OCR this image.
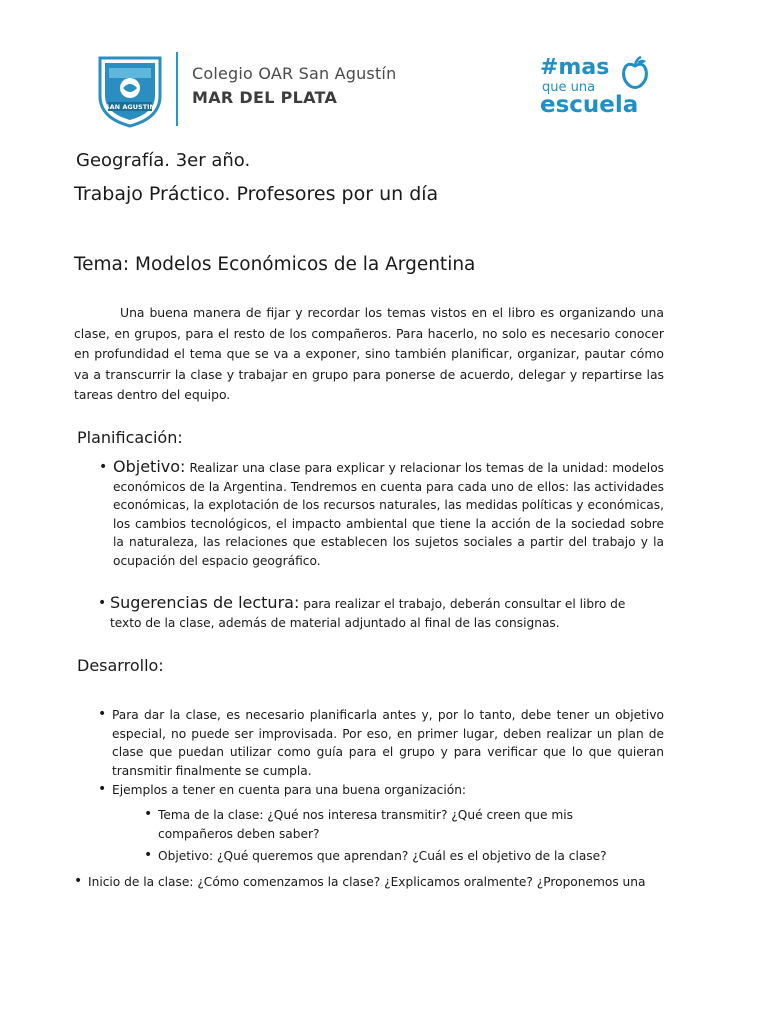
SAN AGUSTIN
Colegio OAR San Agustín
MAR DEL PLATA
#mas
que una
escuela
Geografía. 3er año.
Trabajo Práctico. Profesores por un día
Tema: Modelos Económicos de la Argentina
Una buena manera de fijar y recordar los temas vistos en el libro es organizando una clase, en grupos, para el resto de los compañeros. Para hacerlo, no solo es necesario conocer en profundidad el tema que se va a exponer, sino también planificar, organizar, pautar cómo va a transcurrir la clase y trabajar en grupo para ponerse de acuerdo, delegar y repartirse las tareas dentro del equipo.
Planificación:
• Objetivo: Realizar una clase para explicar y relacionar los temas de la unidad: modelos económicos de la Argentina. Tendremos en cuenta para cada uno de ellos: las actividades económicas, la explotación de los recursos naturales, las medidas políticas y económicas, los cambios tecnológicos, el impacto ambiental que tiene la acción de la sociedad sobre la naturaleza, las relaciones que establecen los sujetos sociales a partir del trabajo y la ocupación del espacio geográfico.
• Sugerencias de lectura: para realizar el trabajo, deberán consultar el libro de texto de la clase, además de material adjuntado al final de las consignas.
Desarrollo:
• Para dar la clase, es necesario planificarla antes y, por lo tanto, debe tener un objetivo especial, no puede ser improvisada. Por eso, en primer lugar, deben realizar un plan de clase que puedan utilizar como guía para el grupo y para verificar que lo que quieran transmitir finalmente se cumpla.
• Ejemplos a tener en cuenta para una buena organización:
• Tema de la clase: ¿Qué nos interesa transmitir? ¿Qué creen que mis compañeros deben saber?
• Objetivo: ¿Qué queremos que aprendan? ¿Cuál es el objetivo de la clase?
• Inicio de la clase: ¿Cómo comenzamos la clase? ¿Explicamos oralmente? ¿Proponemos una
